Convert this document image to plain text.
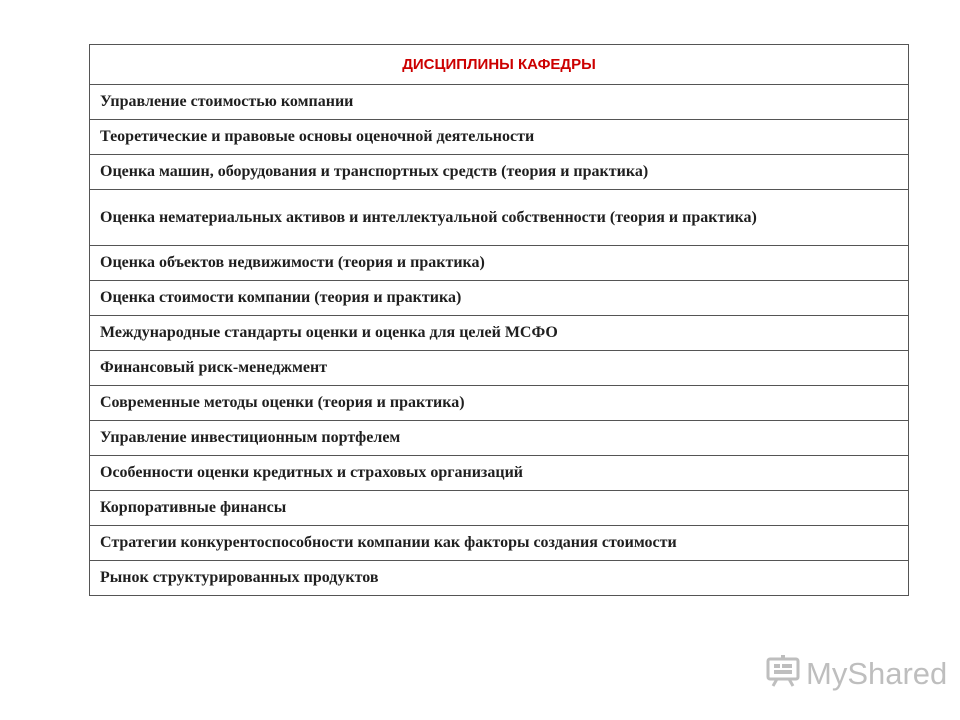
ДИСЦИПЛИНЫ КАФЕДРЫ
Управление стоимостью компании
Теоретические и правовые основы оценочной деятельности
Оценка машин, оборудования и транспортных средств (теория и практика)
Оценка нематериальных активов и интеллектуальной собственности (теория и практика)
Оценка объектов недвижимости (теория и практика)
Оценка стоимости компании (теория и практика)
Международные стандарты оценки и оценка для целей МСФО
Финансовый риск-менеджмент
Современные методы оценки (теория и практика)
Управление инвестиционным портфелем
Особенности оценки кредитных и страховых организаций
Корпоративные финансы
Стратегии конкурентоспособности компании как факторы создания стоимости
Рынок структурированных продуктов
MyShared
